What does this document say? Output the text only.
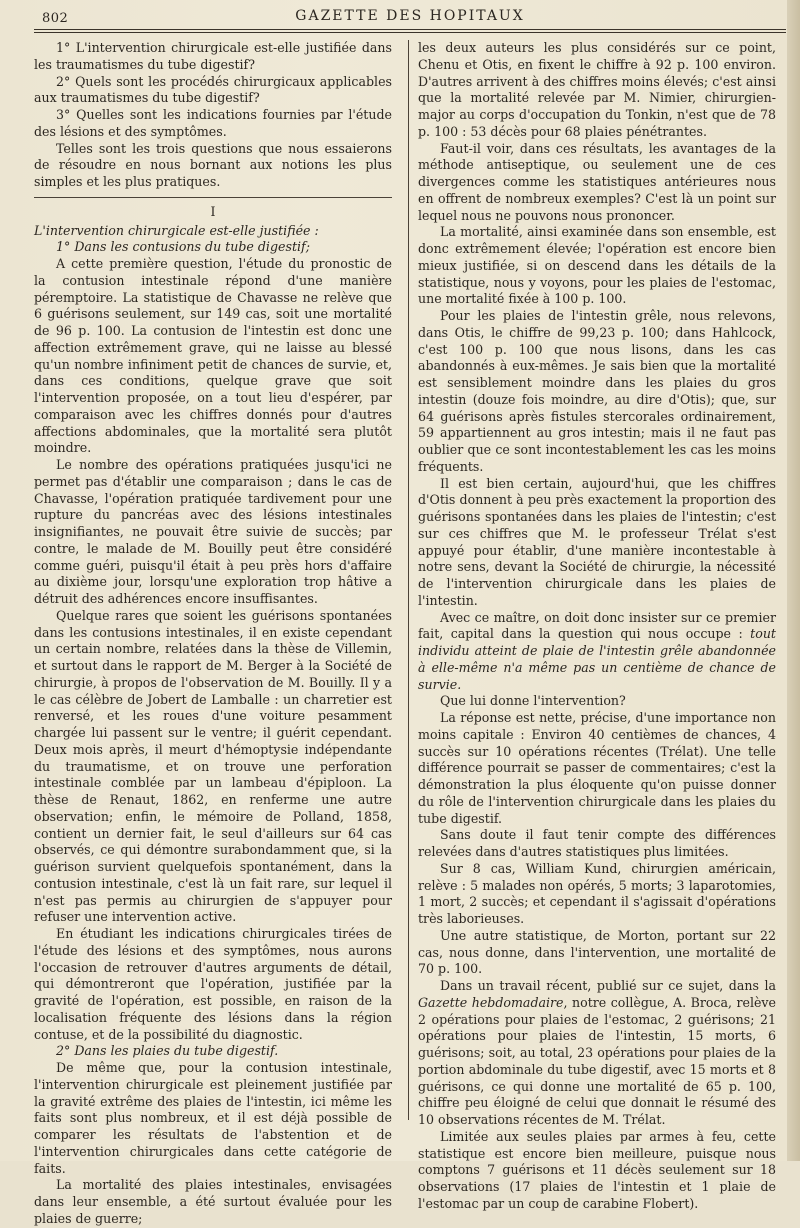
802	GAZETTE DES HOPITAUX

1° L'intervention chirurgicale est-elle justifiée dans les traumatismes du tube digestif?

2° Quels sont les procédés chirurgicaux applicables aux traumatismes du tube digestif?

3° Quelles sont les indications fournies par l'étude des lésions et des symptômes.

Telles sont les trois questions que nous essaierons de résoudre en nous bornant aux notions les plus simples et les plus pratiques.

I

L'intervention chirurgicale est-elle justifiée :

1° Dans les contusions du tube digestif;

A cette première question, l'étude du pronostic de la contusion intestinale répond d'une manière péremptoire. La statistique de Chavasse ne relève que 6 guérisons seulement, sur 149 cas, soit une mortalité de 96 p. 100. La contusion de l'intestin est donc une affection extrêmement grave, qui ne laisse au blessé qu'un nombre infiniment petit de chances de survie, et, dans ces conditions, quelque grave que soit l'intervention proposée, on a tout lieu d'espérer, par comparaison avec les chiffres donnés pour d'autres affections abdominales, que la mortalité sera plutôt moindre.

Le nombre des opérations pratiquées jusqu'ici ne permet pas d'établir une comparaison ; dans le cas de Chavasse, l'opération pratiquée tardivement pour une rupture du pancréas avec des lésions intestinales insignifiantes, ne pouvait être suivie de succès; par contre, le malade de M. Bouilly peut être considéré comme guéri, puisqu'il était à peu près hors d'affaire au dixième jour, lorsqu'une exploration trop hâtive a détruit des adhérences encore insuffisantes.

Quelque rares que soient les guérisons spontanées dans les contusions intestinales, il en existe cependant un certain nombre, relatées dans la thèse de Villemin, et surtout dans le rapport de M. Berger à la Société de chirurgie, à propos de l'observation de M. Bouilly. Il y a le cas célèbre de Jobert de Lamballe : un charretier est renversé, et les roues d'une voiture pesamment chargée lui passent sur le ventre; il guérit cependant. Deux mois après, il meurt d'hémoptysie indépendante du traumatisme, et on trouve une perforation intestinale comblée par un lambeau d'épiploon. La thèse de Renaut, 1862, en renferme une autre observation; enfin, le mémoire de Polland, 1858, contient un dernier fait, le seul d'ailleurs sur 64 cas observés, ce qui démontre surabondamment que, si la guérison survient quelquefois spontanément, dans la contusion intestinale, c'est là un fait rare, sur lequel il n'est pas permis au chirurgien de s'appuyer pour refuser une intervention active.

En étudiant les indications chirurgicales tirées de l'étude des lésions et des symptômes, nous aurons l'occasion de retrouver d'autres arguments de détail, qui démontreront que l'opération, justifiée par la gravité de l'opération, est possible, en raison de la localisation fréquente des lésions dans la région contuse, et de la possibilité du diagnostic.

2° Dans les plaies du tube digestif.

De même que, pour la contusion intestinale, l'intervention chirurgicale est pleinement justifiée par la gravité extrême des plaies de l'intestin, ici même les faits sont plus nombreux, et il est déjà possible de comparer les résultats de l'abstention et de l'intervention chirurgicales dans cette catégorie de faits.

La mortalité des plaies intestinales, envisagées dans leur ensemble, a été surtout évaluée pour les plaies de guerre;

les deux auteurs les plus considérés sur ce point, Chenu et Otis, en fixent le chiffre à 92 p. 100 environ. D'autres arrivent à des chiffres moins élevés; c'est ainsi que la mortalité relevée par M. Nimier, chirurgien-major au corps d'occupation du Tonkin, n'est que de 78 p. 100 : 53 décès pour 68 plaies pénétrantes.

Faut-il voir, dans ces résultats, les avantages de la méthode antiseptique, ou seulement une de ces divergences comme les statistiques antérieures nous en offrent de nombreux exemples? C'est là un point sur lequel nous ne pouvons nous prononcer.

La mortalité, ainsi examinée dans son ensemble, est donc extrêmement élevée; l'opération est encore bien mieux justifiée, si on descend dans les détails de la statistique, nous y voyons, pour les plaies de l'estomac, une mortalité fixée à 100 p. 100.

Pour les plaies de l'intestin grêle, nous relevons, dans Otis, le chiffre de 99,23 p. 100; dans Hahlcock, c'est 100 p. 100 que nous lisons, dans les cas abandonnés à eux-mêmes. Je sais bien que la mortalité est sensiblement moindre dans les plaies du gros intestin (douze fois moindre, au dire d'Otis); que, sur 64 guérisons après fistules stercorales ordinairement, 59 appartiennent au gros intestin; mais il ne faut pas oublier que ce sont incontestablement les cas les moins fréquents.

Il est bien certain, aujourd'hui, que les chiffres d'Otis donnent à peu près exactement la proportion des guérisons spontanées dans les plaies de l'intestin; c'est sur ces chiffres que M. le professeur Trélat s'est appuyé pour établir, d'une manière incontestable à notre sens, devant la Société de chirurgie, la nécessité de l'intervention chirurgicale dans les plaies de l'intestin.

Avec ce maître, on doit donc insister sur ce premier fait, capital dans la question qui nous occupe : tout individu atteint de plaie de l'intestin grêle abandonnée à elle-même n'a même pas un centième de chance de survie.

Que lui donne l'intervention?

La réponse est nette, précise, d'une importance non moins capitale : Environ 40 centièmes de chances, 4 succès sur 10 opérations récentes (Trélat). Une telle différence pourrait se passer de commentaires; c'est la démonstration la plus éloquente qu'on puisse donner du rôle de l'intervention chirurgicale dans les plaies du tube digestif.

Sans doute il faut tenir compte des différences relevées dans d'autres statistiques plus limitées.

Sur 8 cas, William Kund, chirurgien américain, relève : 5 malades non opérés, 5 morts; 3 laparotomies, 1 mort, 2 succès; et cependant il s'agissait d'opérations très laborieuses.

Une autre statistique, de Morton, portant sur 22 cas, nous donne, dans l'intervention, une mortalité de 70 p. 100.

Dans un travail récent, publié sur ce sujet, dans la Gazette hebdomadaire, notre collègue, A. Broca, relève 2 opérations pour plaies de l'estomac, 2 guérisons; 21 opérations pour plaies de l'intestin, 15 morts, 6 guérisons; soit, au total, 23 opérations pour plaies de la portion abdominale du tube digestif, avec 15 morts et 8 guérisons, ce qui donne une mortalité de 65 p. 100, chiffre peu éloigné de celui que donnait le résumé des 10 observations récentes de M. Trélat.

Limitée aux seules plaies par armes à feu, cette statistique est encore bien meilleure, puisque nous comptons 7 guérisons et 11 décès seulement sur 18 observations (17 plaies de l'intestin et 1 plaie de l'estomac par un coup de carabine Flobert).
